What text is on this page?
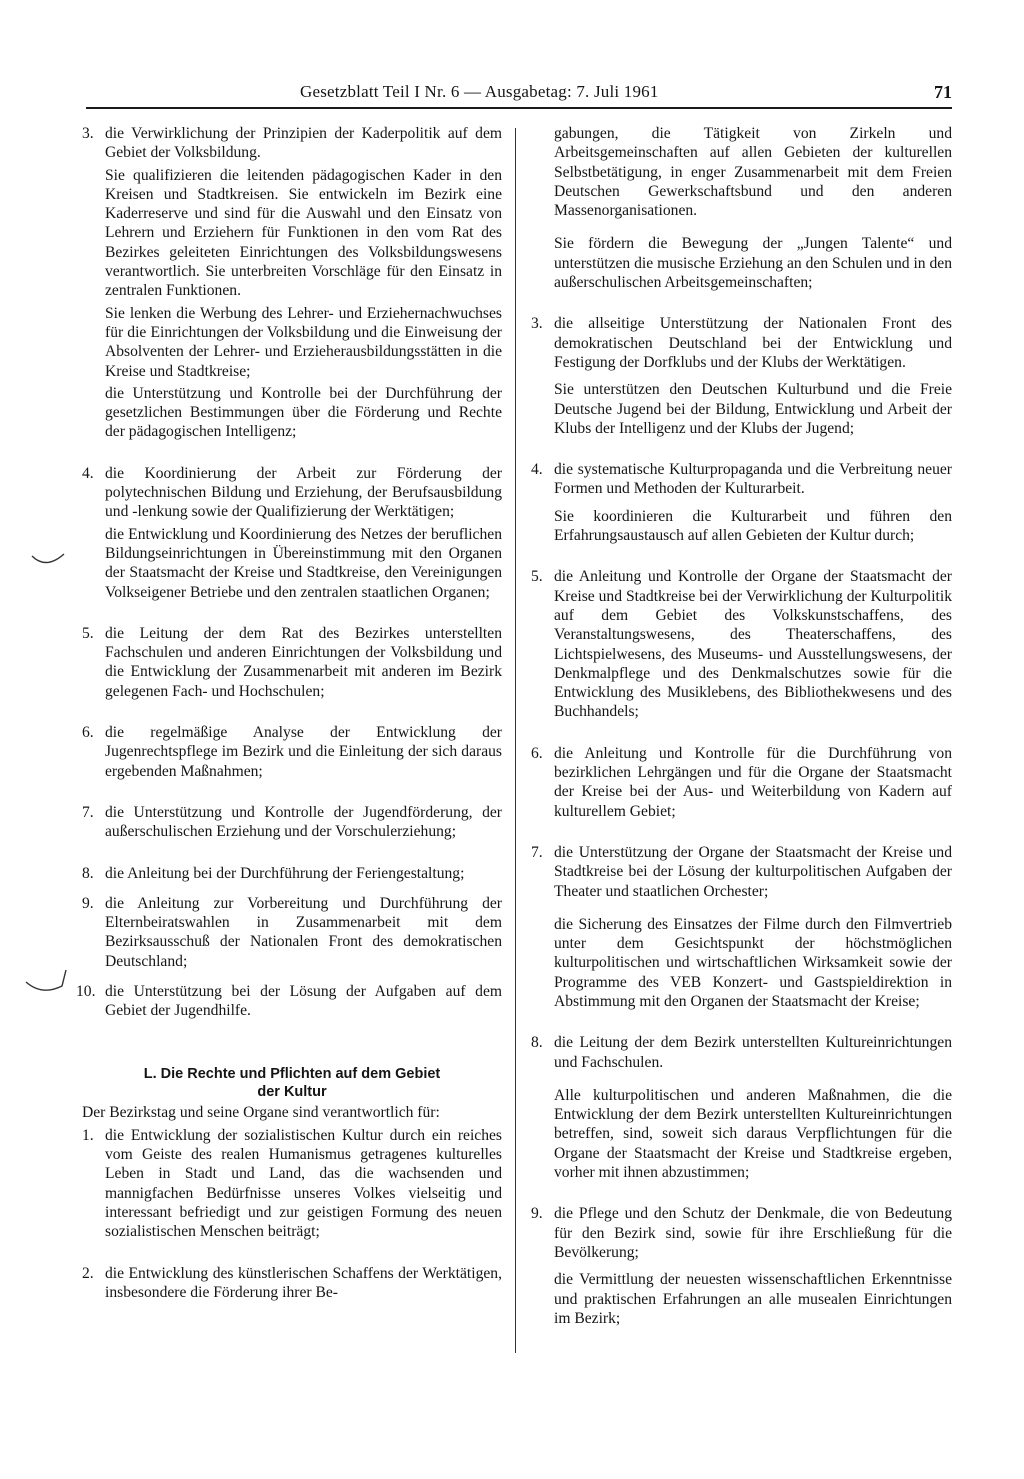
Gesetzblatt Teil I Nr. 6 — Ausgabetag: 7. Juli 1961	71
3. die Verwirklichung der Prinzipien der Kaderpolitik auf dem Gebiet der Volksbildung.

Sie qualifizieren die leitenden pädagogischen Kader in den Kreisen und Stadtkreisen. Sie entwickeln im Bezirk eine Kaderreserve und sind für die Auswahl und den Einsatz von Lehrern und Erziehern für Funktionen in den vom Rat des Bezirkes geleiteten Einrichtungen des Volksbildungswesens verantwortlich. Sie unterbreiten Vorschläge für den Einsatz in zentralen Funktionen.

Sie lenken die Werbung des Lehrer- und Erziehernachwuchses für die Einrichtungen der Volksbildung und die Einweisung der Absolventen der Lehrer- und Erzieherausbildungsstätten in die Kreise und Stadtkreise;

die Unterstützung und Kontrolle bei der Durchführung der gesetzlichen Bestimmungen über die Förderung und Rechte der pädagogischen Intelligenz;

4. die Koordinierung der Arbeit zur Förderung der polytechnischen Bildung und Erziehung, der Berufsausbildung und -lenkung sowie der Qualifizierung der Werktätigen;

die Entwicklung und Koordinierung des Netzes der beruflichen Bildungseinrichtungen in Übereinstimmung mit den Organen der Staatsmacht der Kreise und Stadtkreise, den Vereinigungen Volkseigener Betriebe und den zentralen staatlichen Organen;

5. die Leitung der dem Rat des Bezirkes unterstellten Fachschulen und anderen Einrichtungen der Volksbildung und die Entwicklung der Zusammenarbeit mit anderen im Bezirk gelegenen Fach- und Hochschulen;

6. die regelmäßige Analyse der Entwicklung der Jugenrechtspflege im Bezirk und die Einleitung der sich daraus ergebenden Maßnahmen;

7. die Unterstützung und Kontrolle der Jugendförderung, der außerschulischen Erziehung und der Vorschulerziehung;

8. die Anleitung bei der Durchführung der Feriengestaltung;

9. die Anleitung zur Vorbereitung und Durchführung der Elternbeiratswahlen in Zusammenarbeit mit dem Bezirksausschuß der Nationalen Front des demokratischen Deutschland;

10. die Unterstützung bei der Lösung der Aufgaben auf dem Gebiet der Jugendhilfe.

L. Die Rechte und Pflichten auf dem Gebiet
der Kultur

Der Bezirkstag und seine Organe sind verantwortlich für:

1. die Entwicklung der sozialistischen Kultur durch ein reiches vom Geiste des realen Humanismus getragenes kulturelles Leben in Stadt und Land, das die wachsenden und mannigfachen Bedürfnisse unseres Volkes vielseitig und interessant befriedigt und zur geistigen Formung des neuen sozialistischen Menschen beiträgt;

2. die Entwicklung des künstlerischen Schaffens der Werktätigen, insbesondere die Förderung ihrer Be-

gabungen, die Tätigkeit von Zirkeln und Arbeitsgemeinschaften auf allen Gebieten der kulturellen Selbstbetätigung, in enger Zusammenarbeit mit dem Freien Deutschen Gewerkschaftsbund und den anderen Massenorganisationen.

Sie fördern die Bewegung der „Jungen Talente“ und unterstützen die musische Erziehung an den Schulen und in den außerschulischen Arbeitsgemeinschaften;

3. die allseitige Unterstützung der Nationalen Front des demokratischen Deutschland bei der Entwicklung und Festigung der Dorfklubs und der Klubs der Werktätigen.

Sie unterstützen den Deutschen Kulturbund und die Freie Deutsche Jugend bei der Bildung, Entwicklung und Arbeit der Klubs der Intelligenz und der Klubs der Jugend;

4. die systematische Kulturpropaganda und die Verbreitung neuer Formen und Methoden der Kulturarbeit.

Sie koordinieren die Kulturarbeit und führen den Erfahrungsaustausch auf allen Gebieten der Kultur durch;

5. die Anleitung und Kontrolle der Organe der Staatsmacht der Kreise und Stadtkreise bei der Verwirklichung der Kulturpolitik auf dem Gebiet des Volkskunstschaffens, des Veranstaltungswesens, des Theaterschaffens, des Lichtspielwesens, des Museums- und Ausstellungswesens, der Denkmalpflege und des Denkmalschutzes sowie für die Entwicklung des Musiklebens, des Bibliothekwesens und des Buchhandels;

6. die Anleitung und Kontrolle für die Durchführung von bezirklichen Lehrgängen und für die Organe der Staatsmacht der Kreise bei der Aus- und Weiterbildung von Kadern auf kulturellem Gebiet;

7. die Unterstützung der Organe der Staatsmacht der Kreise und Stadtkreise bei der Lösung der kulturpolitischen Aufgaben der Theater und staatlichen Orchester;

die Sicherung des Einsatzes der Filme durch den Filmvertrieb unter dem Gesichtspunkt der höchstmöglichen kulturpolitischen und wirtschaftlichen Wirksamkeit sowie der Programme des VEB Konzert- und Gastspieldirektion in Abstimmung mit den Organen der Staatsmacht der Kreise;

8. die Leitung der dem Bezirk unterstellten Kultureinrichtungen und Fachschulen.

Alle kulturpolitischen und anderen Maßnahmen, die die Entwicklung der dem Bezirk unterstellten Kultureinrichtungen betreffen, sind, soweit sich daraus Verpflichtungen für die Organe der Staatsmacht der Kreise und Stadtkreise ergeben, vorher mit ihnen abzustimmen;

9. die Pflege und den Schutz der Denkmale, die von Bedeutung für den Bezirk sind, sowie für ihre Erschließung für die Bevölkerung;

die Vermittlung der neuesten wissenschaftlichen Erkenntnisse und praktischen Erfahrungen an alle musealen Einrichtungen im Bezirk;
